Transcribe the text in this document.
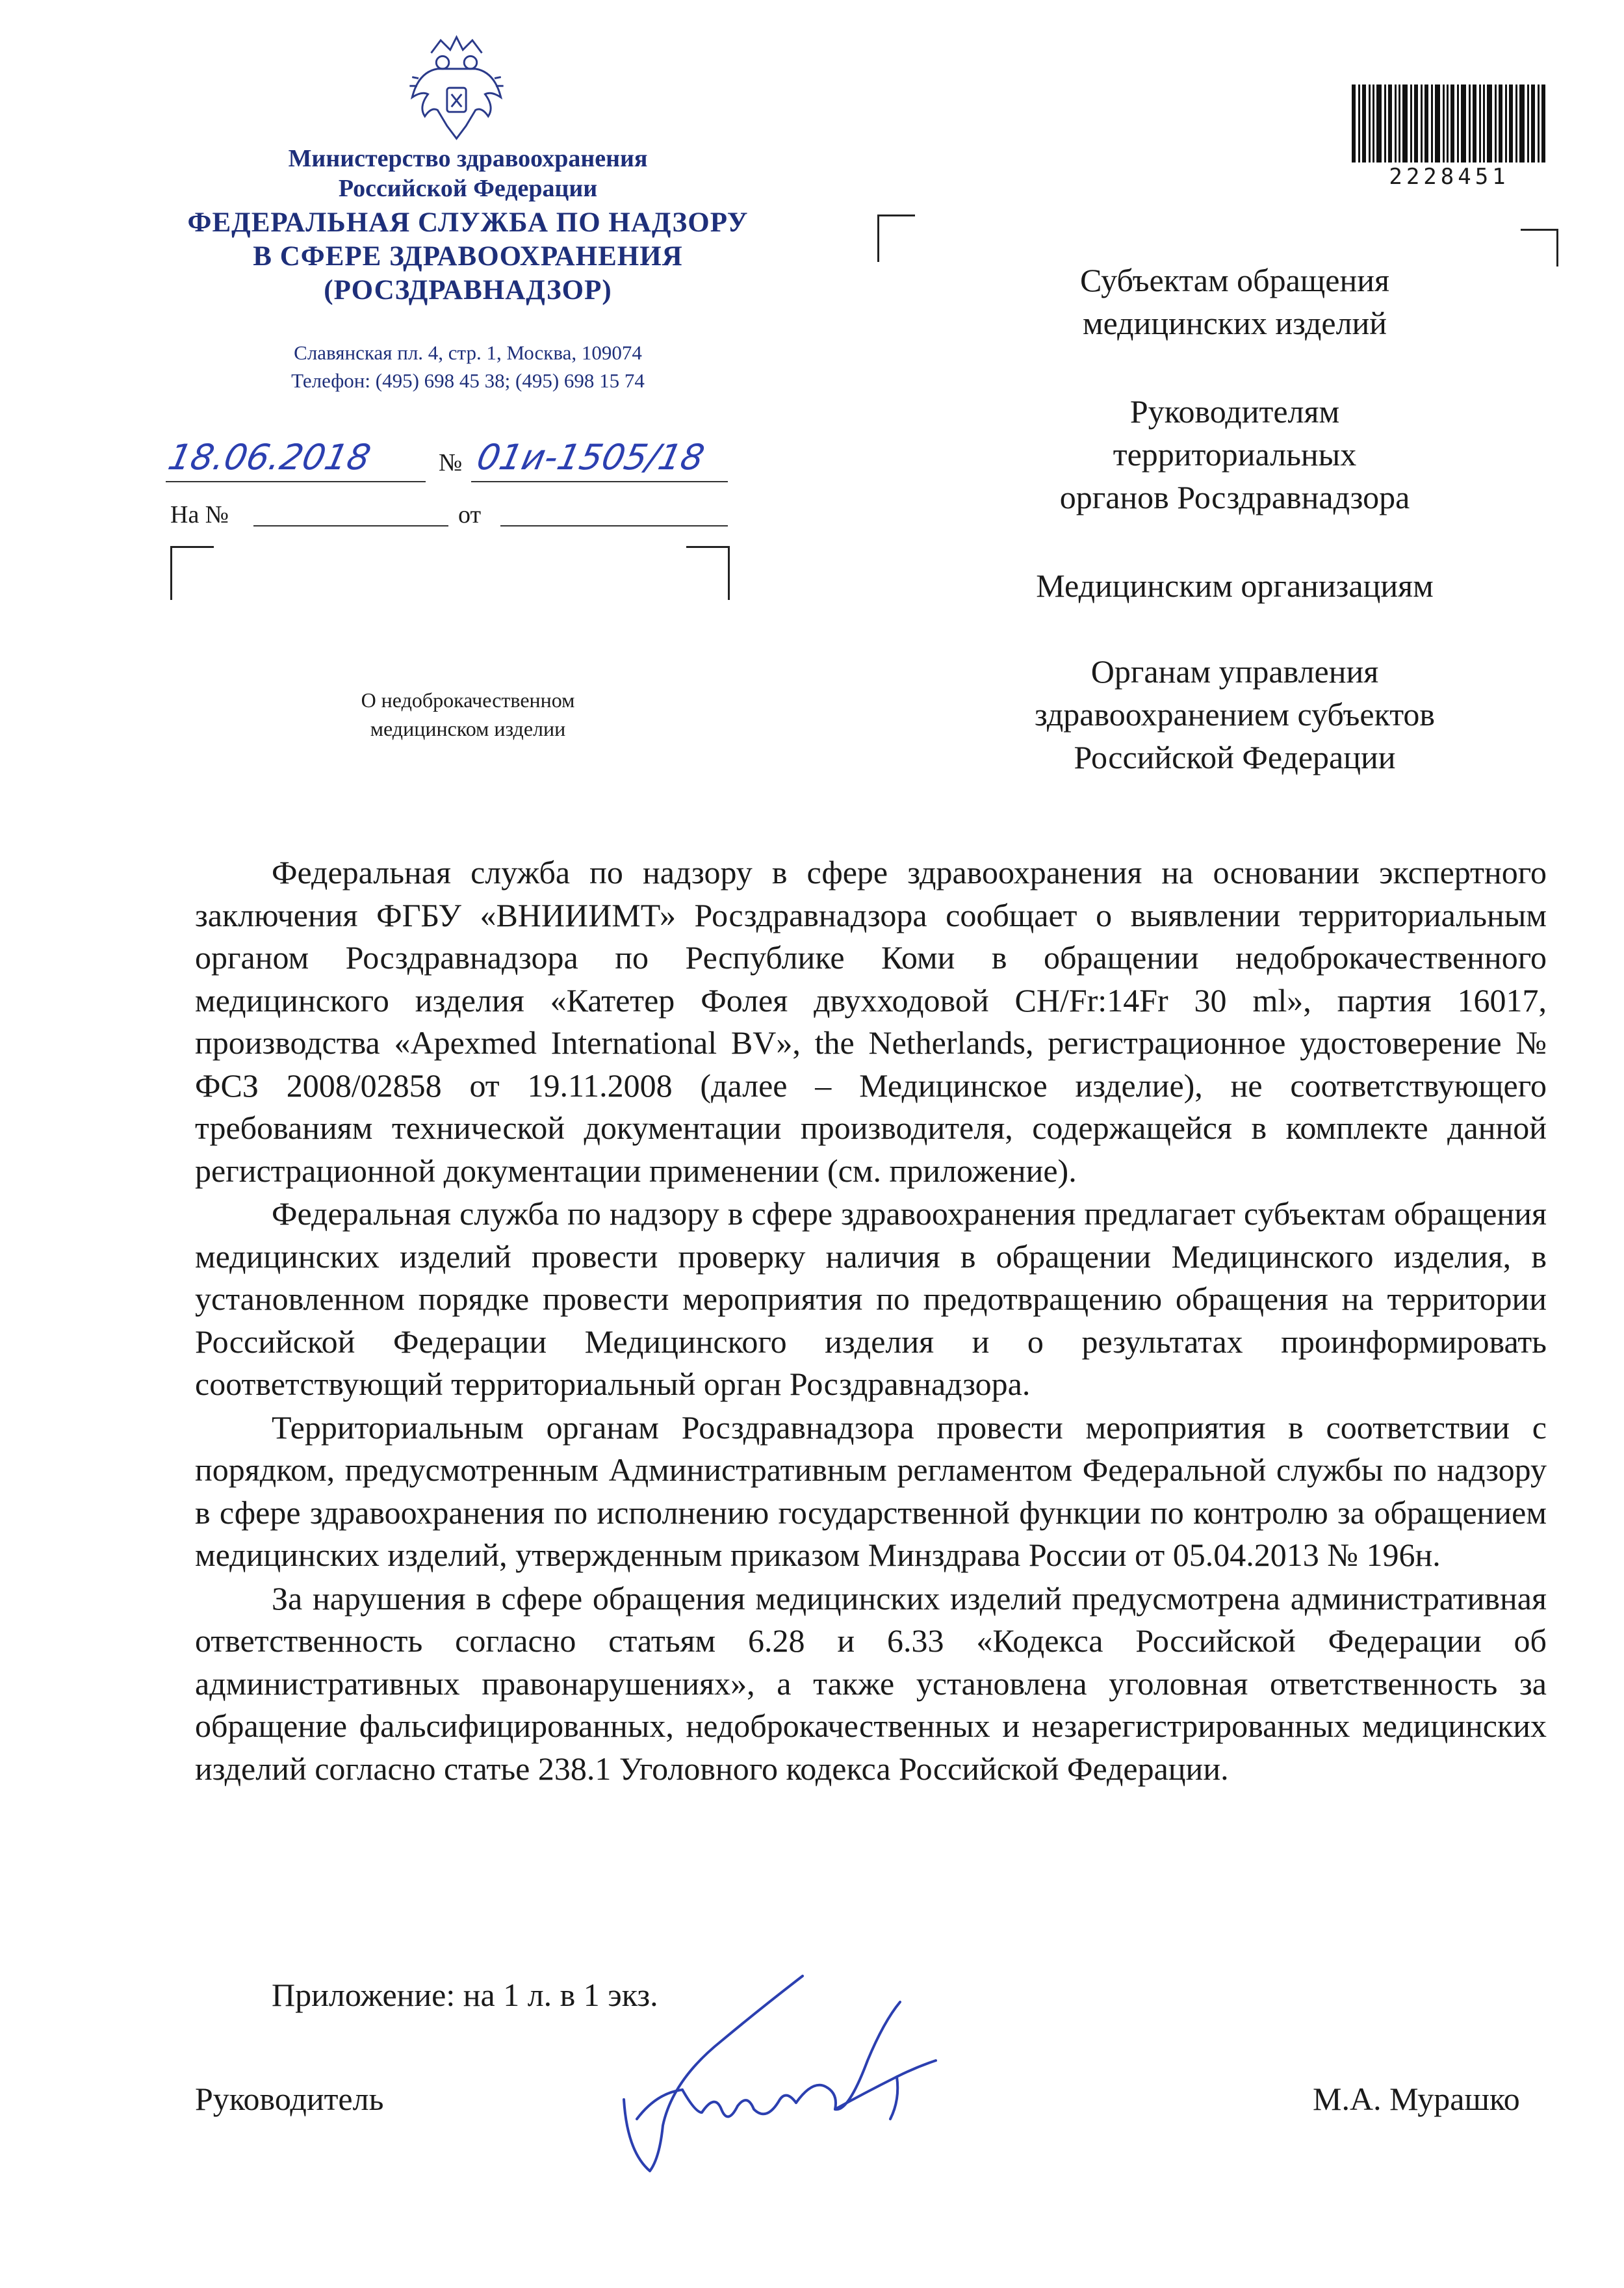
Министерство здравоохранения
Российской Федерации
ФЕДЕРАЛЬНАЯ СЛУЖБА ПО НАДЗОРУ
В СФЕРЕ ЗДРАВООХРАНЕНИЯ
(РОСЗДРАВНАДЗОР)
Славянская пл. 4, стр. 1, Москва, 109074
Телефон: (495) 698 45 38; (495) 698 15 74
18.06.2018	№ 01и-1505/18
На №	от
О недоброкачественном
медицинском изделии
2228451
Субъектам обращения
медицинских изделий
Руководителям
территориальных
органов Росздравнадзора
Медицинским организациям
Органам управления
здравоохранением субъектов
Российской Федерации

Федеральная служба по надзору в сфере здравоохранения на основании экспертного заключения ФГБУ «ВНИИИМТ» Росздравнадзора сообщает о выявлении территориальным органом Росздравнадзора по Республике Коми в обращении недоброкачественного медицинского изделия «Катетер Фолея двухходовой CH/Fr:14Fr 30 ml», партия 16017, производства «Apexmed International BV», the Netherlands, регистрационное удостоверение № ФСЗ 2008/02858 от 19.11.2008 (далее – Медицинское изделие), не соответствующего требованиям технической документации производителя, содержащейся в комплекте данной регистрационной документации применении (см. приложение).

Федеральная служба по надзору в сфере здравоохранения предлагает субъектам обращения медицинских изделий провести проверку наличия в обращении Медицинского изделия, в установленном порядке провести мероприятия по предотвращению обращения на территории Российской Федерации Медицинского изделия и о результатах проинформировать соответствующий территориальный орган Росздравнадзора.

Территориальным органам Росздравнадзора провести мероприятия в соответствии с порядком, предусмотренным Административным регламентом Федеральной службы по надзору в сфере здравоохранения по исполнению государственной функции по контролю за обращением медицинских изделий, утвержденным приказом Минздрава России от 05.04.2013 № 196н.

За нарушения в сфере обращения медицинских изделий предусмотрена административная ответственность согласно статьям 6.28 и 6.33 «Кодекса Российской Федерации об административных правонарушениях», а также установлена уголовная ответственность за обращение фальсифицированных, недоброкачественных и незарегистрированных медицинских изделий согласно статье 238.1 Уголовного кодекса Российской Федерации.

Приложение: на 1 л. в 1 экз.
Руководитель	М.А. Мурашко
